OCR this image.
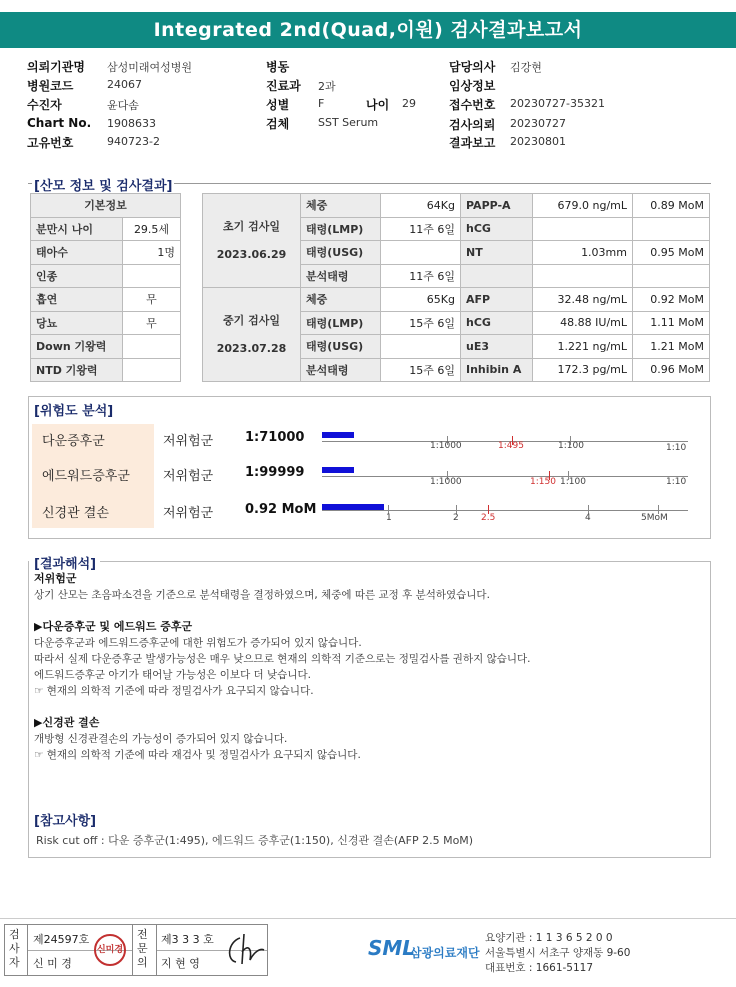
Integrated 2nd(Quad,이원) 검사결과보고서
의뢰기관명 삼성미래여성병원
병원코드	24067
수진자	윤다솜
Chart No. 1908633
고유번호	940723-2
병동
진료과 2과
성별	F	나이 29
검체	SST Serum
담당의사 김강현
임상정보
접수번호 20230727-35321
검사의뢰 20230727
결과보고 20230801
[산모 정보 및 검사결과]
기본정보	
분만시 나이	29.5세
태아수	1명
인종	
흡연	무
당뇨	무
Down 기왕력	
NTD 기왕력	
초기 검사일
2023.06.29	체중	64Kg	PAPP-A	679.0 ng/mL	0.89 MoM
	태령(LMP)	11주 6일	hCG		
	태령(USG)		NT	1.03mm	0.95 MoM
	분석태령	11주 6일			
중기 검사일
2023.07.28	체중	65Kg	AFP	32.48 ng/mL	0.92 MoM
	태령(LMP)	15주 6일	hCG	48.88 IU/mL	1.11 MoM
	태령(USG)		uE3	1.221 ng/mL	1.21 MoM
	분석태령	15주 6일	Inhibin A	172.3 pg/mL	0.96 MoM
[위험도 분석]
다운증후군	저위험군 1:71000
에드워드증후군	저위험군 1:99999
신경관 결손	저위험군 0.92 MoM
1:1000	1:495	1:100	1:10
1:1000	1:150 1:100	1:10
1	2 2.5	4	5MoM
[결과해석]
저위험군
상기 산모는 초음파소견을 기준으로 분석태령을 결정하였으며, 체중에 따른 교정 후 분석하였습니다.
▶다운증후군 및 에드워드 증후군
다운증후군과 에드워드증후군에 대한 위험도가 증가되어 있지 않습니다.
따라서 실제 다운증후군 발생가능성은 매우 낮으므로 현재의 의학적 기준으로는 정밀검사를 권하지 않습니다.
에드워드증후군 아기가 태어날 가능성은 이보다 더 낮습니다.
☞ 현재의 의학적 기준에 따라 정밀검사가 요구되지 않습니다.
▶신경관 결손
개방형 신경관결손의 가능성이 증가되어 있지 않습니다.
☞ 현재의 의학적 기준에 따라 재검사 및 정밀검사가 요구되지 않습니다.
[참고사항]
Risk cut off : 다운 증후군(1:495), 에드워드 증후군(1:150), 신경관 결손(AFP 2.5 MoM)
검사자
제24597호
신 미 경
신미경
전문의
제3 3 3 호
지 현 영
SML
삼광의료재단
요양기관 : 1 1 3 6 5 2 0 0
서울특별시 서초구 양재동 9-60
대표번호 : 1661-5117
